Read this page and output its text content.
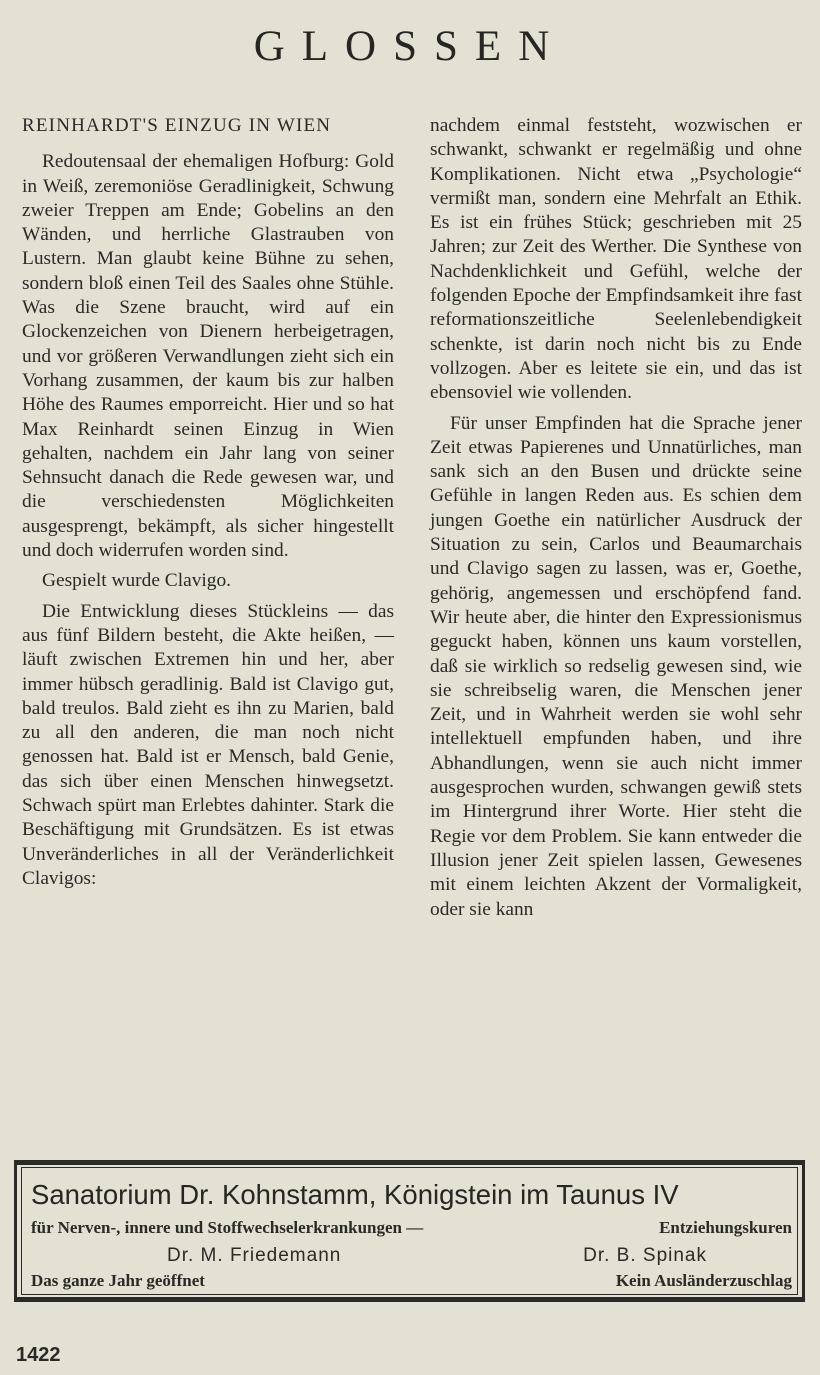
GLOSSEN
REINHARDT'S EINZUG IN WIEN

Redoutensaal der ehemaligen Hofburg: Gold in Weiß, zeremoniöse Geradlinigkeit, Schwung zweier Treppen am Ende; Gobelins an den Wänden, und herrliche Glastrauben von Lustern. Man glaubt keine Bühne zu sehen, sondern bloß einen Teil des Saales ohne Stühle. Was die Szene braucht, wird auf ein Glockenzeichen von Dienern herbeigetragen, und vor größeren Verwandlungen zieht sich ein Vorhang zusammen, der kaum bis zur halben Höhe des Raumes emporreicht. Hier und so hat Max Reinhardt seinen Einzug in Wien gehalten, nachdem ein Jahr lang von seiner Sehnsucht danach die Rede gewesen war, und die verschiedensten Möglichkeiten ausgesprengt, bekämpft, als sicher hingestellt und doch widerrufen worden sind.

Gespielt wurde Clavigo.

Die Entwicklung dieses Stückleins — das aus fünf Bildern besteht, die Akte heißen, — läuft zwischen Extremen hin und her, aber immer hübsch geradlinig. Bald ist Clavigo gut, bald treulos. Bald zieht es ihn zu Marien, bald zu all den anderen, die man noch nicht genossen hat. Bald ist er Mensch, bald Genie, das sich über einen Menschen hinwegsetzt. Schwach spürt man Erlebtes dahinter. Stark die Beschäftigung mit Grundsätzen. Es ist etwas Unveränderliches in all der Veränderlichkeit Clavigos:

nachdem einmal feststeht, wozwischen er schwankt, schwankt er regelmäßig und ohne Komplikationen. Nicht etwa „Psychologie“ vermißt man, sondern eine Mehrfalt an Ethik. Es ist ein frühes Stück; geschrieben mit 25 Jahren; zur Zeit des Werther. Die Synthese von Nachdenklichkeit und Gefühl, welche der folgenden Epoche der Empfindsamkeit ihre fast reformationszeitliche Seelenlebendigkeit schenkte, ist darin noch nicht bis zu Ende vollzogen. Aber es leitete sie ein, und das ist ebensoviel wie vollenden.

Für unser Empfinden hat die Sprache jener Zeit etwas Papierenes und Unnatürliches, man sank sich an den Busen und drückte seine Gefühle in langen Reden aus. Es schien dem jungen Goethe ein natürlicher Ausdruck der Situation zu sein, Carlos und Beaumarchais und Clavigo sagen zu lassen, was er, Goethe, gehörig, angemessen und erschöpfend fand. Wir heute aber, die hinter den Expressionismus geguckt haben, können uns kaum vorstellen, daß sie wirklich so redselig gewesen sind, wie sie schreibselig waren, die Menschen jener Zeit, und in Wahrheit werden sie wohl sehr intellektuell empfunden haben, und ihre Abhandlungen, wenn sie auch nicht immer ausgesprochen wurden, schwangen gewiß stets im Hintergrund ihrer Worte. Hier steht die Regie vor dem Problem. Sie kann entweder die Illusion jener Zeit spielen lassen, Gewesenes mit einem leichten Akzent der Vormaligkeit, oder sie kann

Sanatorium Dr. Kohnstamm, Königstein im Taunus IV
für Nerven-, innere und Stoffwechselerkrankungen —	Entziehungskuren
Dr. M. Friedemann	Dr. B. Spinak
Das ganze Jahr geöffnet	Kein Ausländerzuschlag
1422
